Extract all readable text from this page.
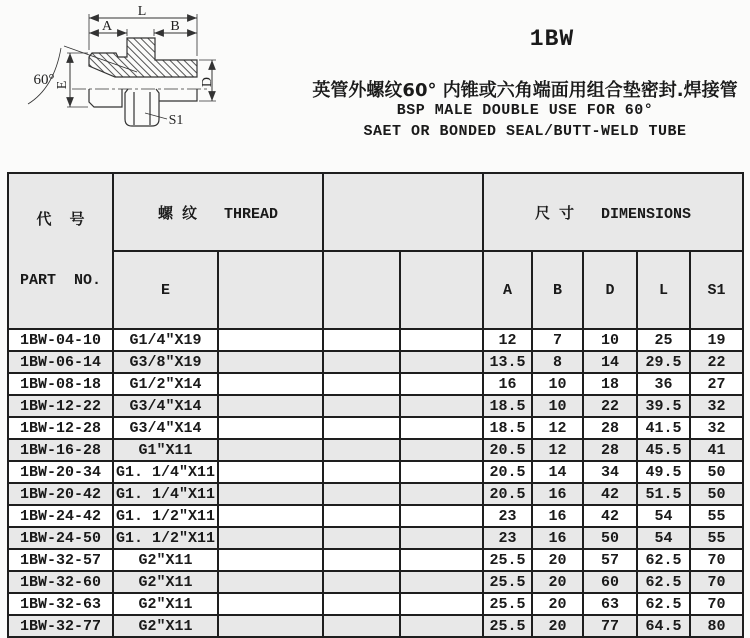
L
A	B
E	D
60°
S1
1BW
英管外螺纹60° 内锥或六角端面用组合垫密封.焊接管
BSP MALE DOUBLE USE FOR 60°
SAET OR BONDED SEAL/BUTT-WELD TUBE

代  号

PART  NO.	螺 纹   THREAD				尺 寸   DIMENSIONS				
	E				A	B	D	L	S1
1BW-04-10	G1/4″X19				12	7	10	25	19
1BW-06-14	G3/8″X19				13.5	8	14	29.5	22
1BW-08-18	G1/2″X14				16	10	18	36	27
1BW-12-22	G3/4″X14				18.5	10	22	39.5	32
1BW-12-28	G3/4″X14				18.5	12	28	41.5	32
1BW-16-28	G1″X11				20.5	12	28	45.5	41
1BW-20-34	G1. 1/4″X11				20.5	14	34	49.5	50
1BW-20-42	G1. 1/4″X11				20.5	16	42	51.5	50
1BW-24-42	G1. 1/2″X11				23	16	42	54	55
1BW-24-50	G1. 1/2″X11				23	16	50	54	55
1BW-32-57	G2″X11				25.5	20	57	62.5	70
1BW-32-60	G2″X11				25.5	20	60	62.5	70
1BW-32-63	G2″X11				25.5	20	63	62.5	70
1BW-32-77	G2″X11				25.5	20	77	64.5	80
